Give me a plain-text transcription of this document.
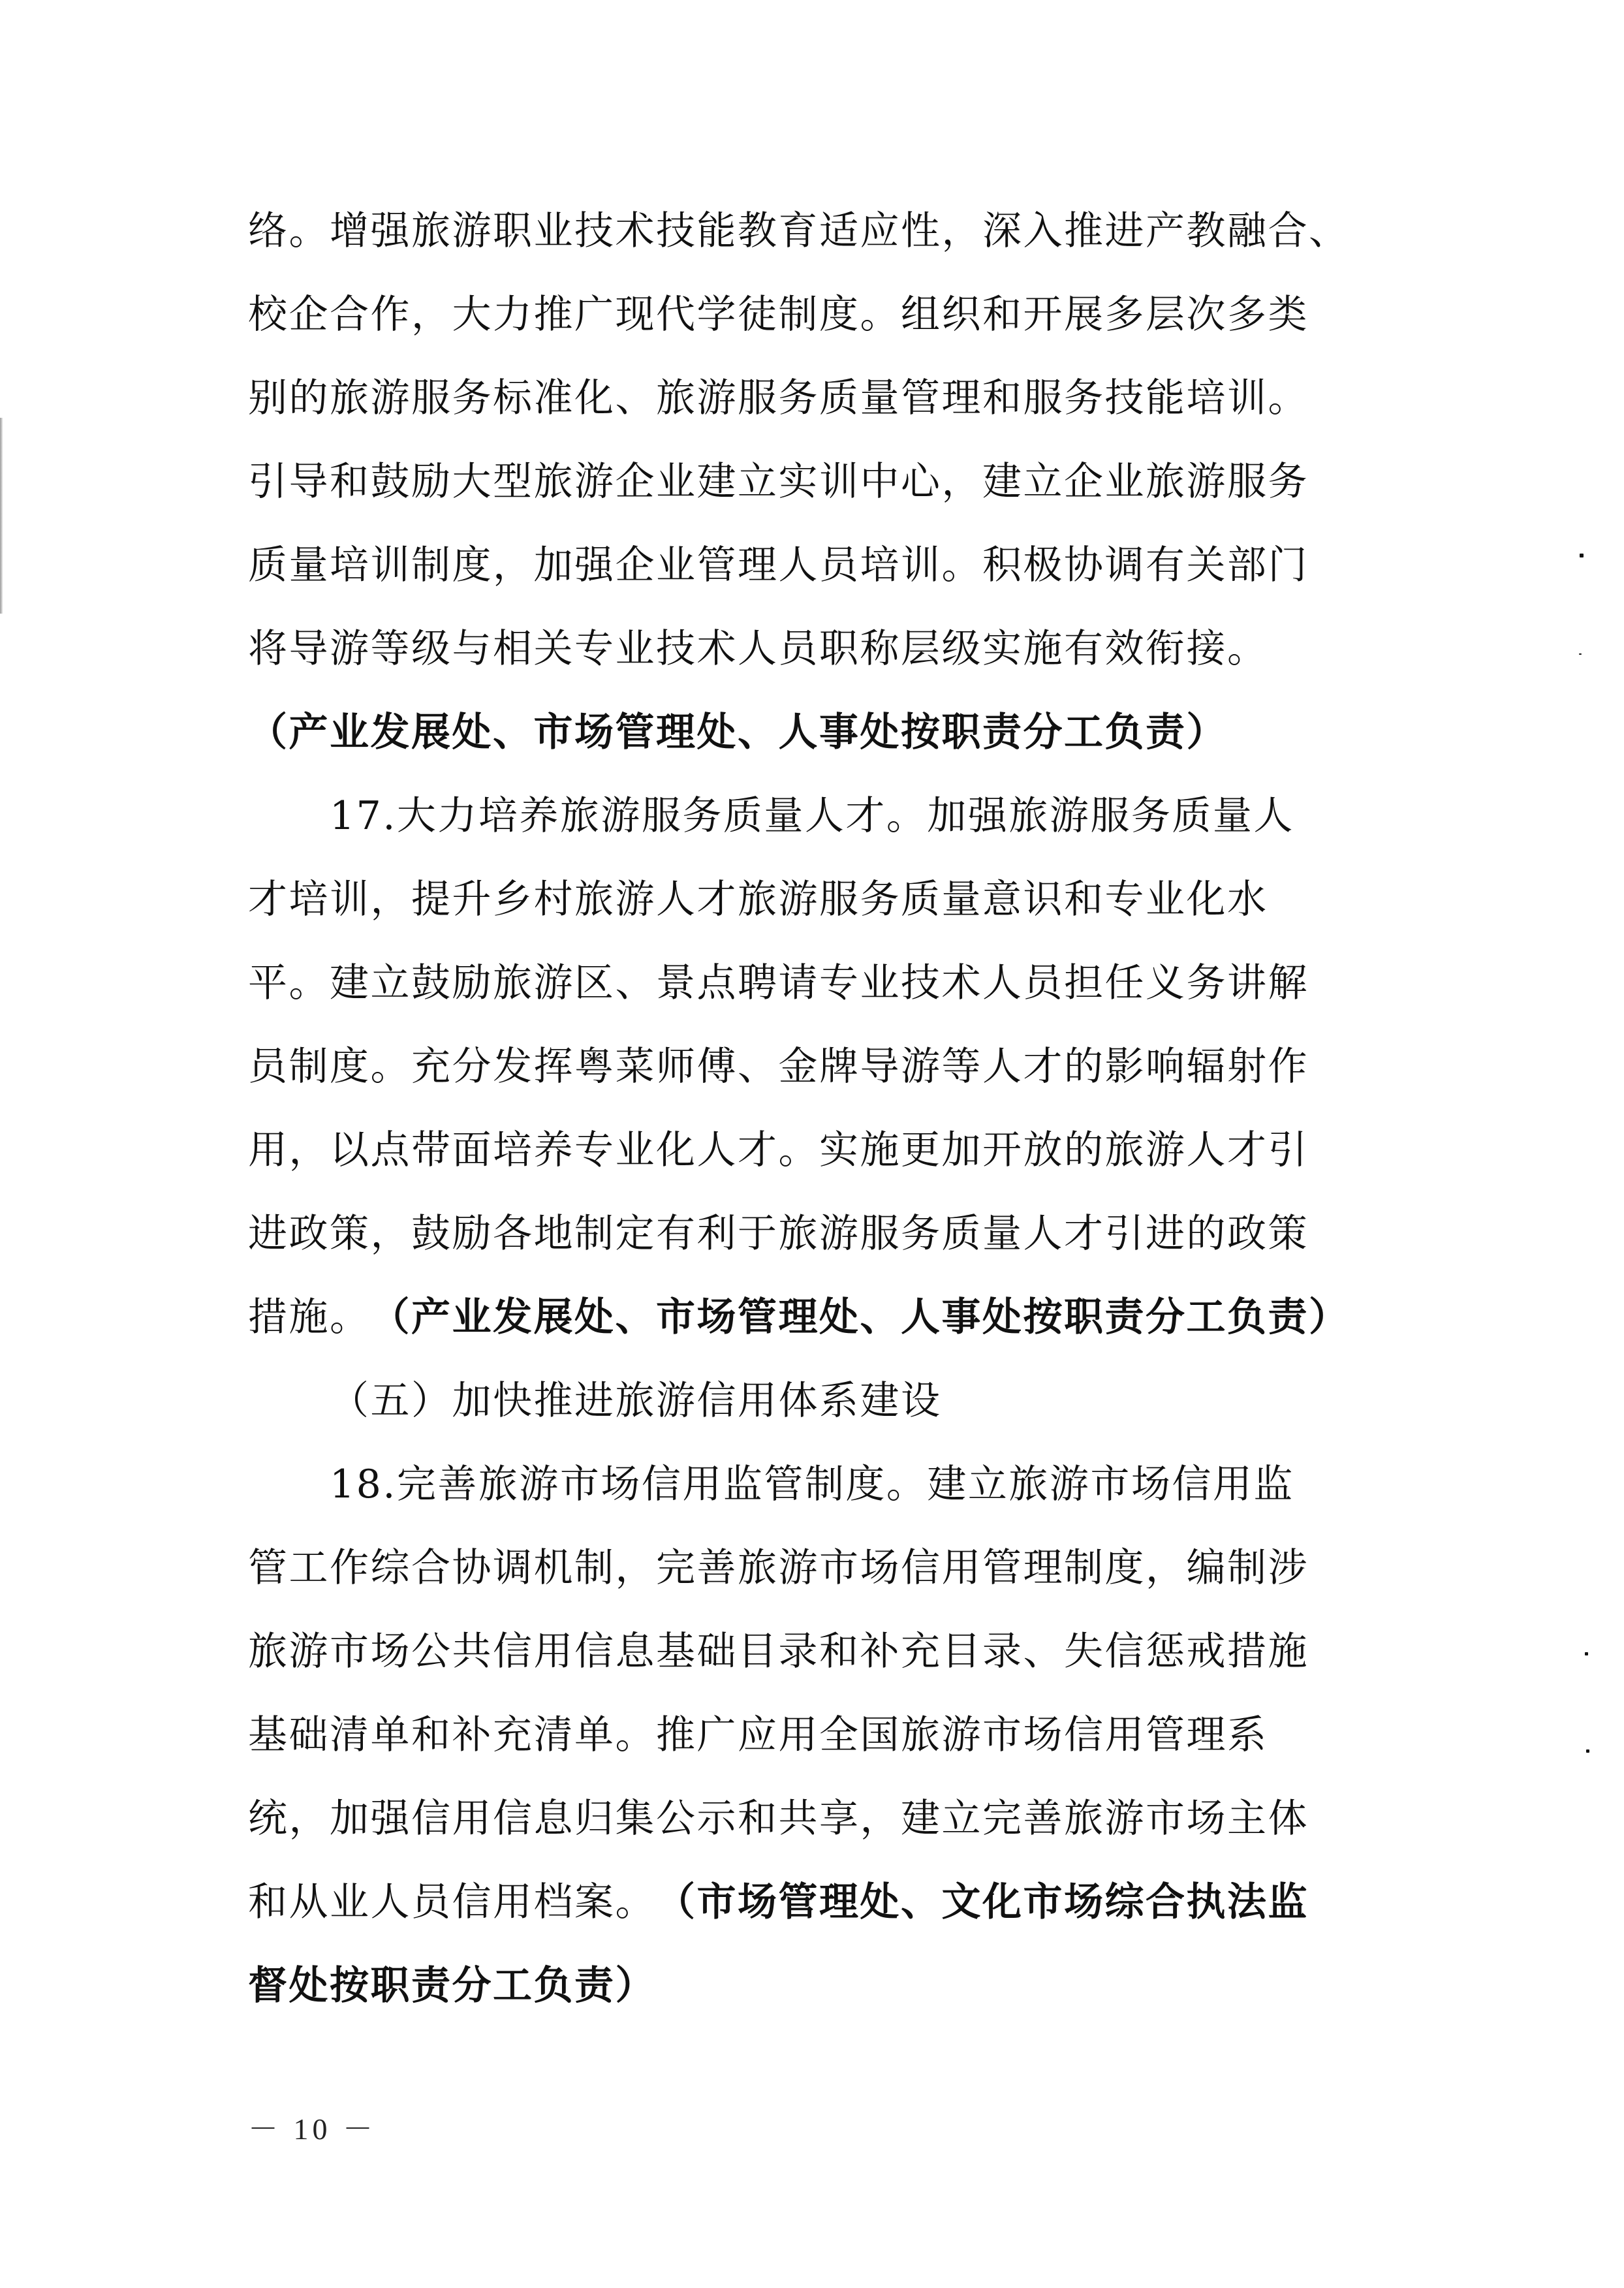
络。增强旅游职业技术技能教育适应性，深入推进产教融合、
校企合作，大力推广现代学徒制度。组织和开展多层次多类
别的旅游服务标准化、旅游服务质量管理和服务技能培训。
引导和鼓励大型旅游企业建立实训中心，建立企业旅游服务
质量培训制度，加强企业管理人员培训。积极协调有关部门
将导游等级与相关专业技术人员职称层级实施有效衔接。
（产业发展处、市场管理处、人事处按职责分工负责）
17.大力培养旅游服务质量人才。加强旅游服务质量人
才培训，提升乡村旅游人才旅游服务质量意识和专业化水
平。建立鼓励旅游区、景点聘请专业技术人员担任义务讲解
员制度。充分发挥粤菜师傅、金牌导游等人才的影响辐射作
用，以点带面培养专业化人才。实施更加开放的旅游人才引
进政策，鼓励各地制定有利于旅游服务质量人才引进的政策
措施。 （产业发展处、市场管理处、人事处按职责分工负责）
（五）加快推进旅游信用体系建设
18.完善旅游市场信用监管制度。建立旅游市场信用监
管工作综合协调机制，完善旅游市场信用管理制度，编制涉
旅游市场公共信用信息基础目录和补充目录、失信惩戒措施
基础清单和补充清单。推广应用全国旅游市场信用管理系
统，加强信用信息归集公示和共享，建立完善旅游市场主体
和从业人员信用档案。 （市场管理处、文化市场综合执法监
督处按职责分工负责）
－ 10 －
